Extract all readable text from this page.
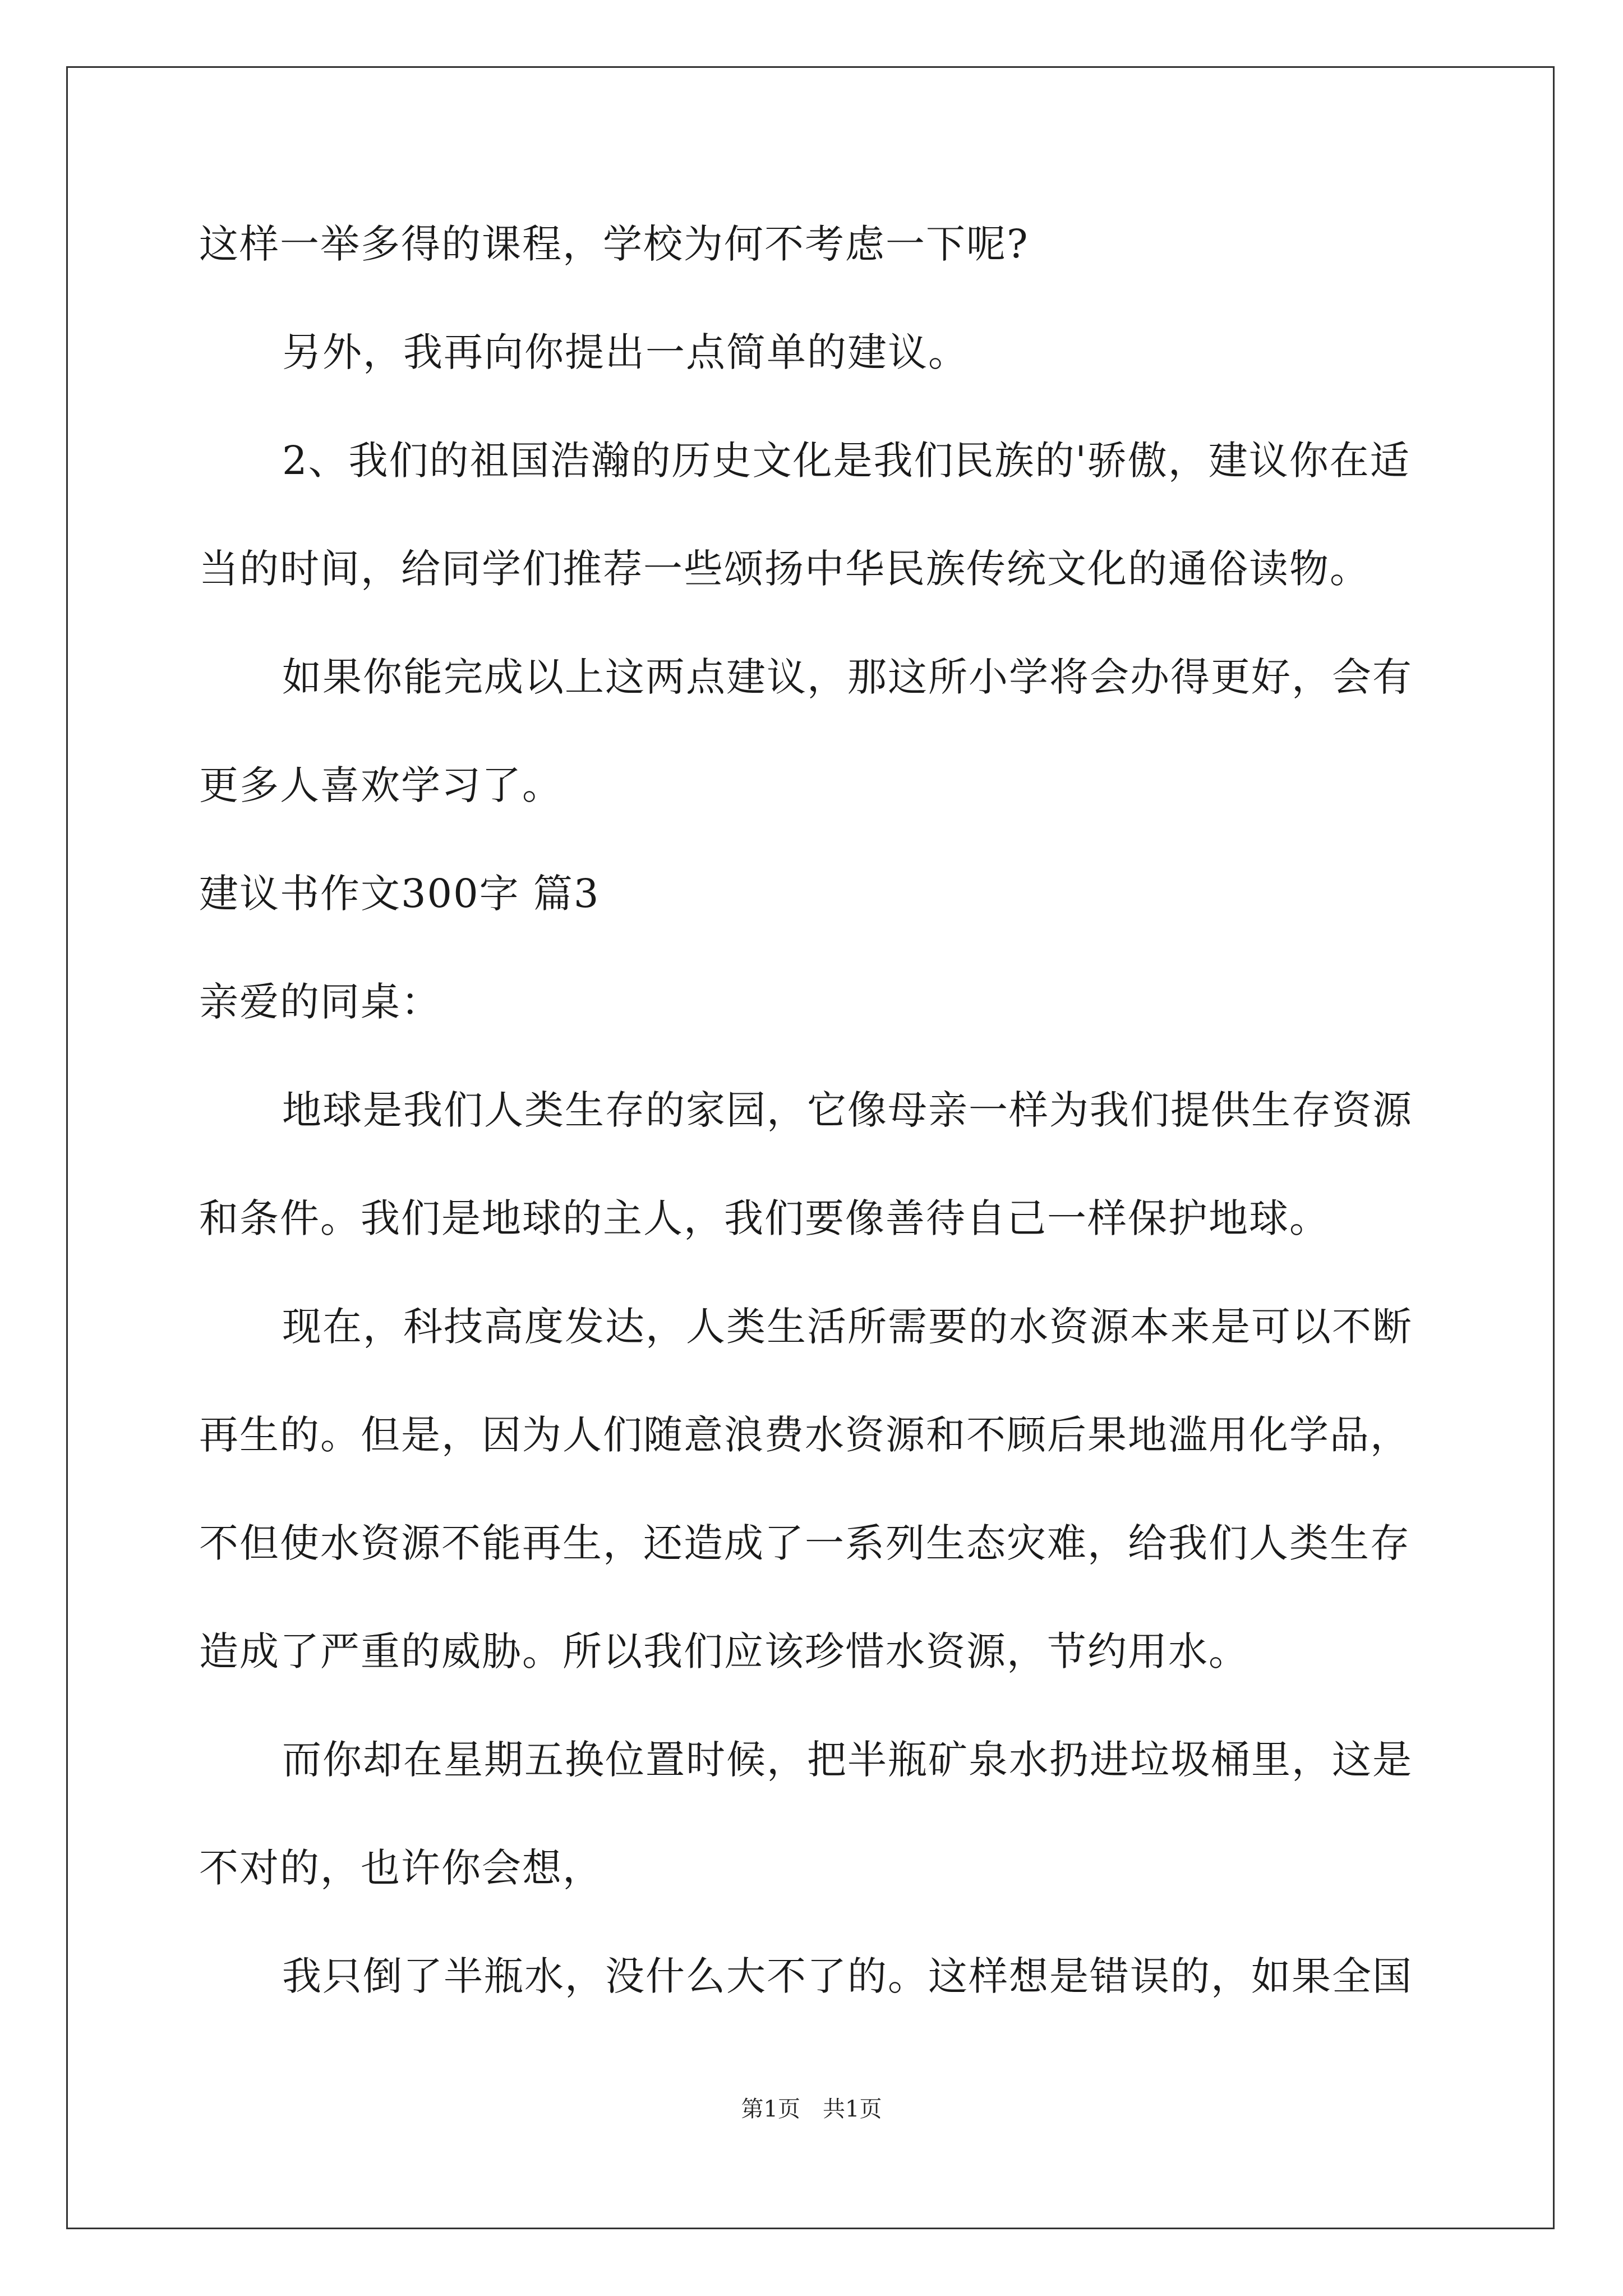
这样一举多得的课程，学校为何不考虑一下呢?
另外，我再向你提出一点简单的建议。
2、我们的祖国浩瀚的历史文化是我们民族的'骄傲，建议你在适
当的时间，给同学们推荐一些颂扬中华民族传统文化的通俗读物。
如果你能完成以上这两点建议，那这所小学将会办得更好，会有
更多人喜欢学习了。
建议书作文300字 篇3
亲爱的同桌：
地球是我们人类生存的家园，它像母亲一样为我们提供生存资源
和条件。我们是地球的主人，我们要像善待自己一样保护地球。
现在，科技高度发达，人类生活所需要的水资源本来是可以不断
再生的。但是，因为人们随意浪费水资源和不顾后果地滥用化学品，
不但使水资源不能再生，还造成了一系列生态灾难，给我们人类生存
造成了严重的威胁。所以我们应该珍惜水资源，节约用水。
而你却在星期五换位置时候，把半瓶矿泉水扔进垃圾桶里，这是
不对的，也许你会想，
我只倒了半瓶水，没什么大不了的。这样想是错误的，如果全国
第1页　共1页
